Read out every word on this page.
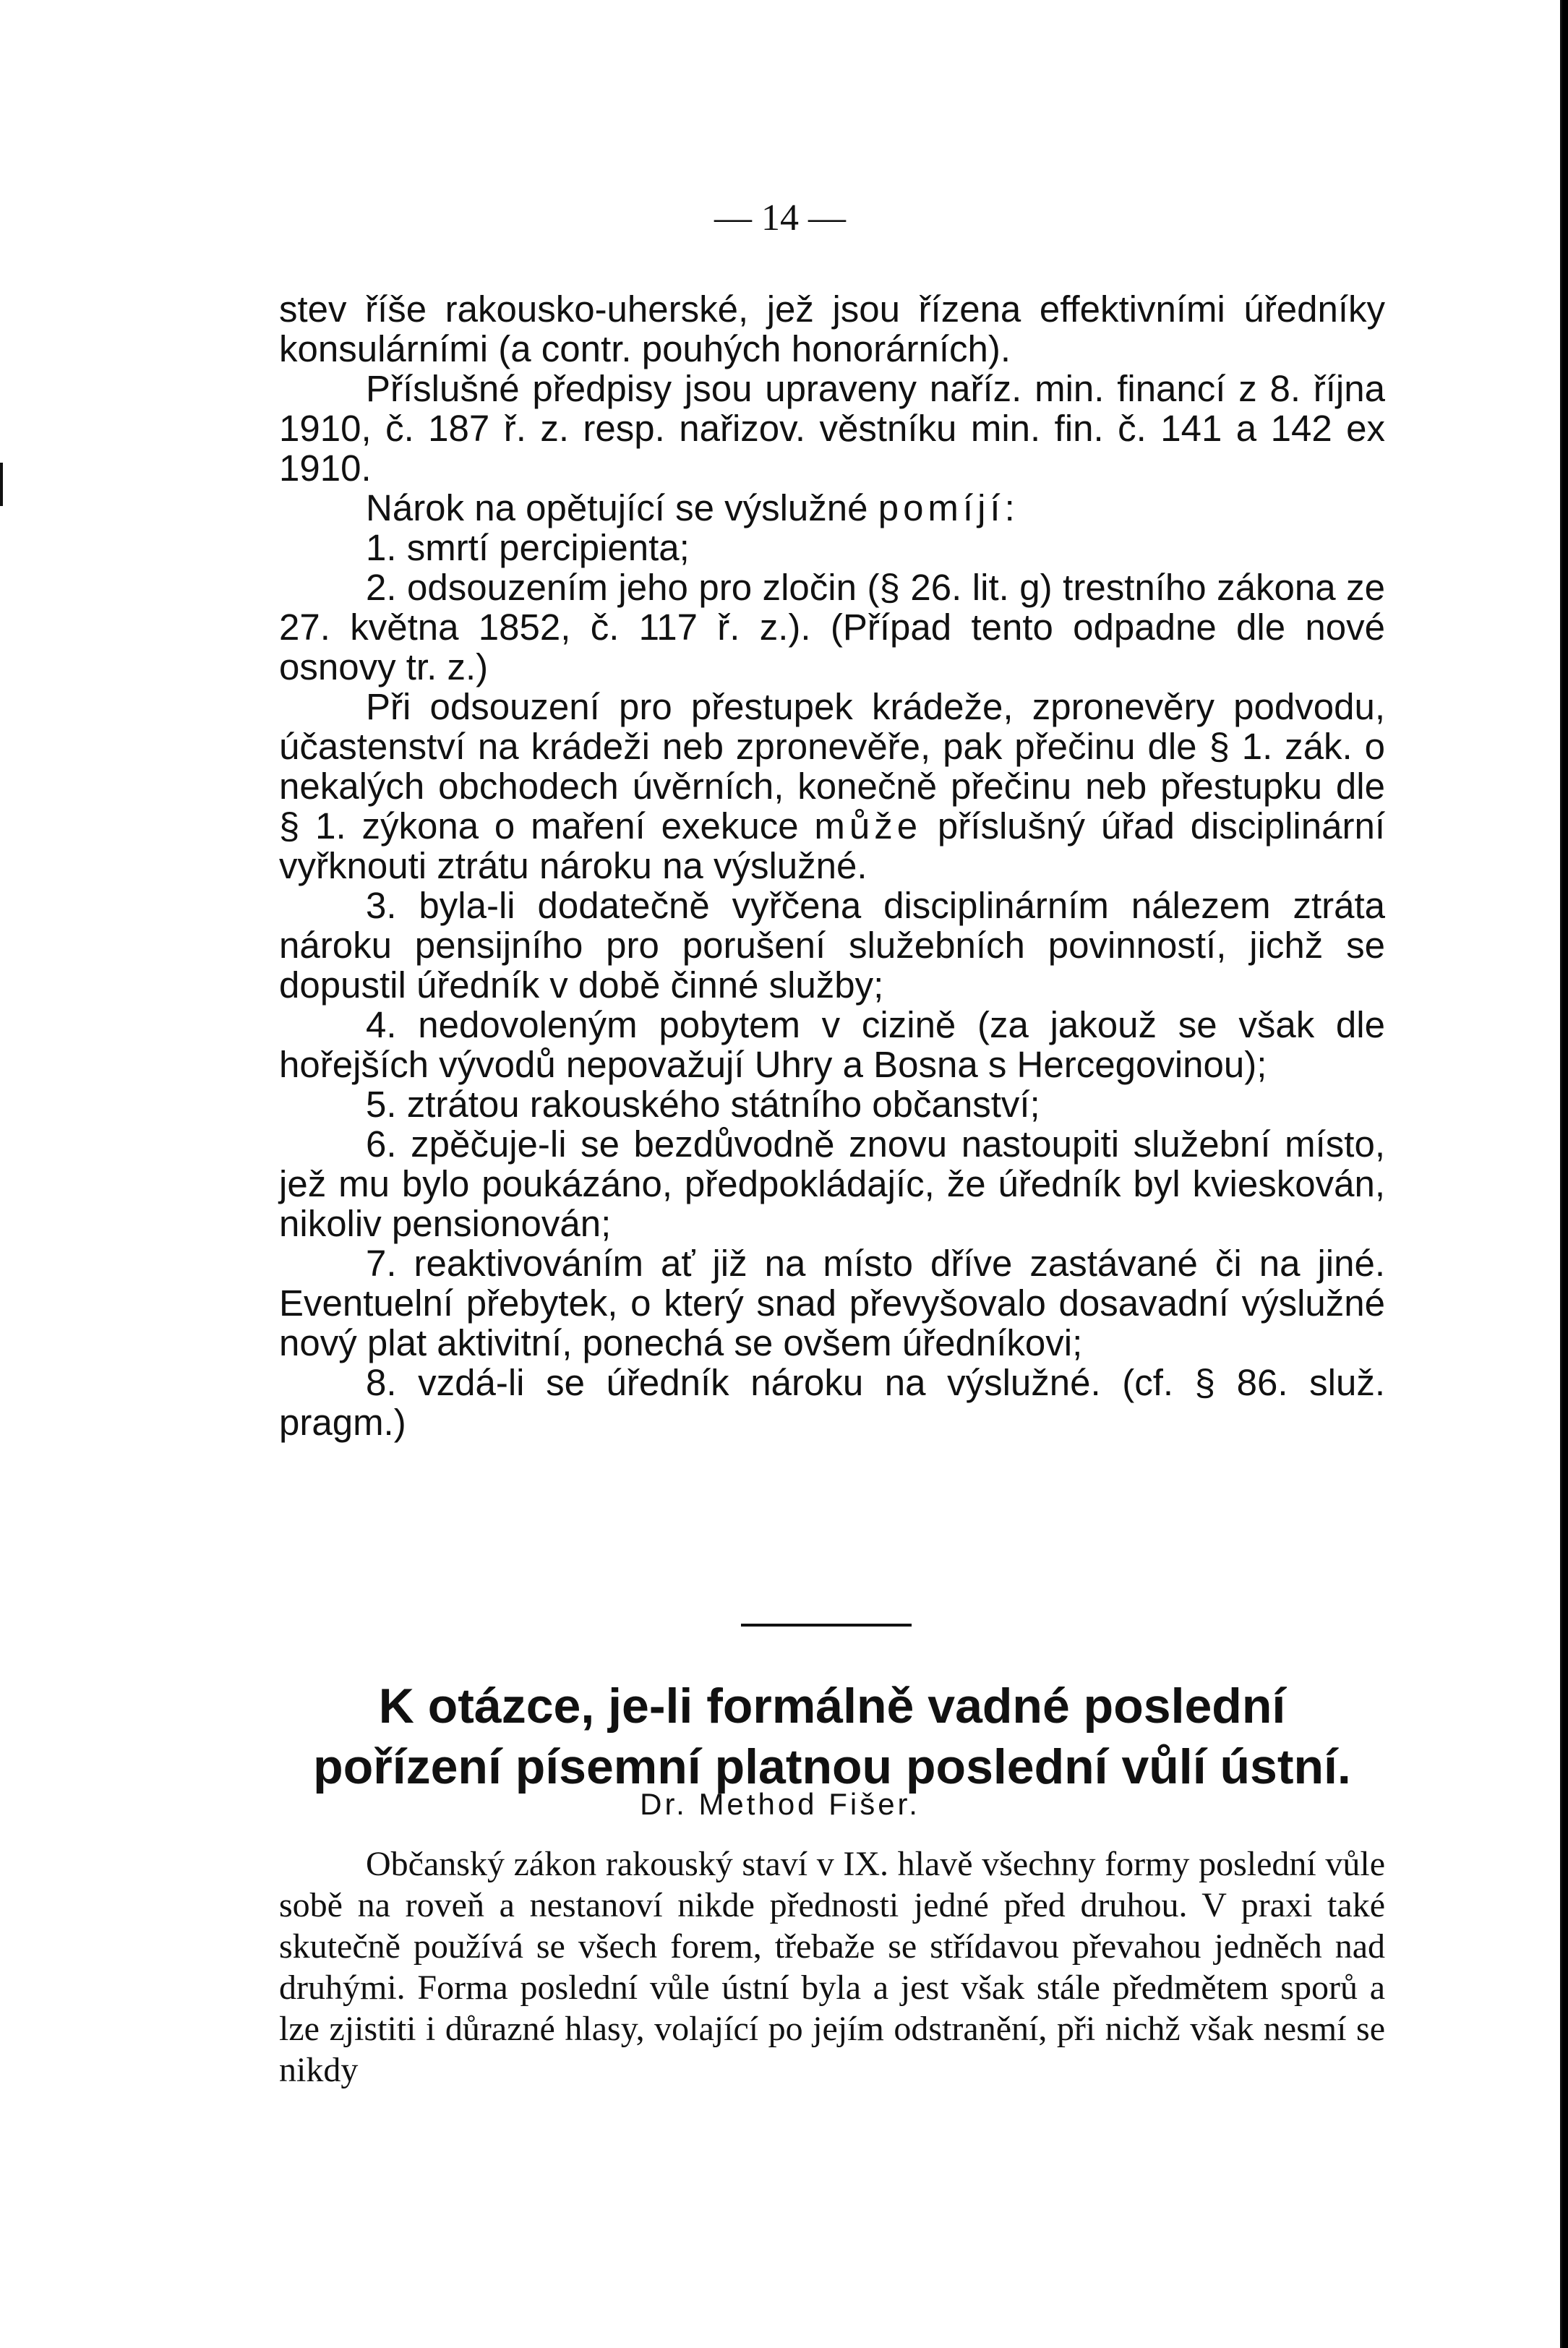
— 14 —

stev říše rakousko-uherské, jež jsou řízena effektivními úředníky konsulárními (a contr. pouhých honorárních).

Příslušné předpisy jsou upraveny naříz. min. financí z 8. října 1910, č. 187 ř. z. resp. nařizov. věstníku min. fin. č. 141 a 142 ex 1910.

Nárok na opětující se výslužné pomíjí:

1. smrtí percipienta;

2. odsouzením jeho pro zločin (§ 26. lit. g) trestního zákona ze 27. května 1852, č. 117 ř. z.). (Případ tento odpadne dle nové osnovy tr. z.)

Při odsouzení pro přestupek krádeže, zpronevěry podvodu, účastenství na krádeži neb zpronevěře, pak přečinu dle § 1. zák. o nekalých obchodech úvěrních, konečně přečinu neb přestupku dle § 1. zýkona o maření exekuce může příslušný úřad disciplinární vyřknouti ztrátu nároku na výslužné.

3. byla-li dodatečně vyřčena disciplinárním nálezem ztráta nároku pensijního pro porušení služebních povinností, jichž se dopustil úředník v době činné služby;

4. nedovoleným pobytem v cizině (za jakouž se však dle hořejších vývodů nepovažují Uhry a Bosna s Hercegovinou);

5. ztrátou rakouského státního občanství;

6. zpěčuje-li se bezdůvodně znovu nastoupiti služební místo, jež mu bylo poukázáno, předpokládajíc, že úředník byl kvieskován, nikoliv pensionován;

7. reaktivováním ať již na místo dříve zastávané či na jiné. Eventuelní přebytek, o který snad převyšovalo dosavadní výslužné nový plat aktivitní, ponechá se ovšem úředníkovi;

8. vzdá-li se úředník nároku na výslužné. (cf. § 86. služ. pragm.)

K otázce, je-li formálně vadné poslední pořízení písemní platnou poslední vůlí ústní.
Dr. Method Fišer.

Občanský zákon rakouský staví v IX. hlavě všechny formy poslední vůle sobě na roveň a nestanoví nikde přednosti jedné před druhou. V praxi také skutečně používá se všech forem, třebaže se střídavou převahou jedněch nad druhými. Forma poslední vůle ústní byla a jest však stále předmětem sporů a lze zjistiti i důrazné hlasy, volající po jejím odstranění, při nichž však nesmí se nikdy
